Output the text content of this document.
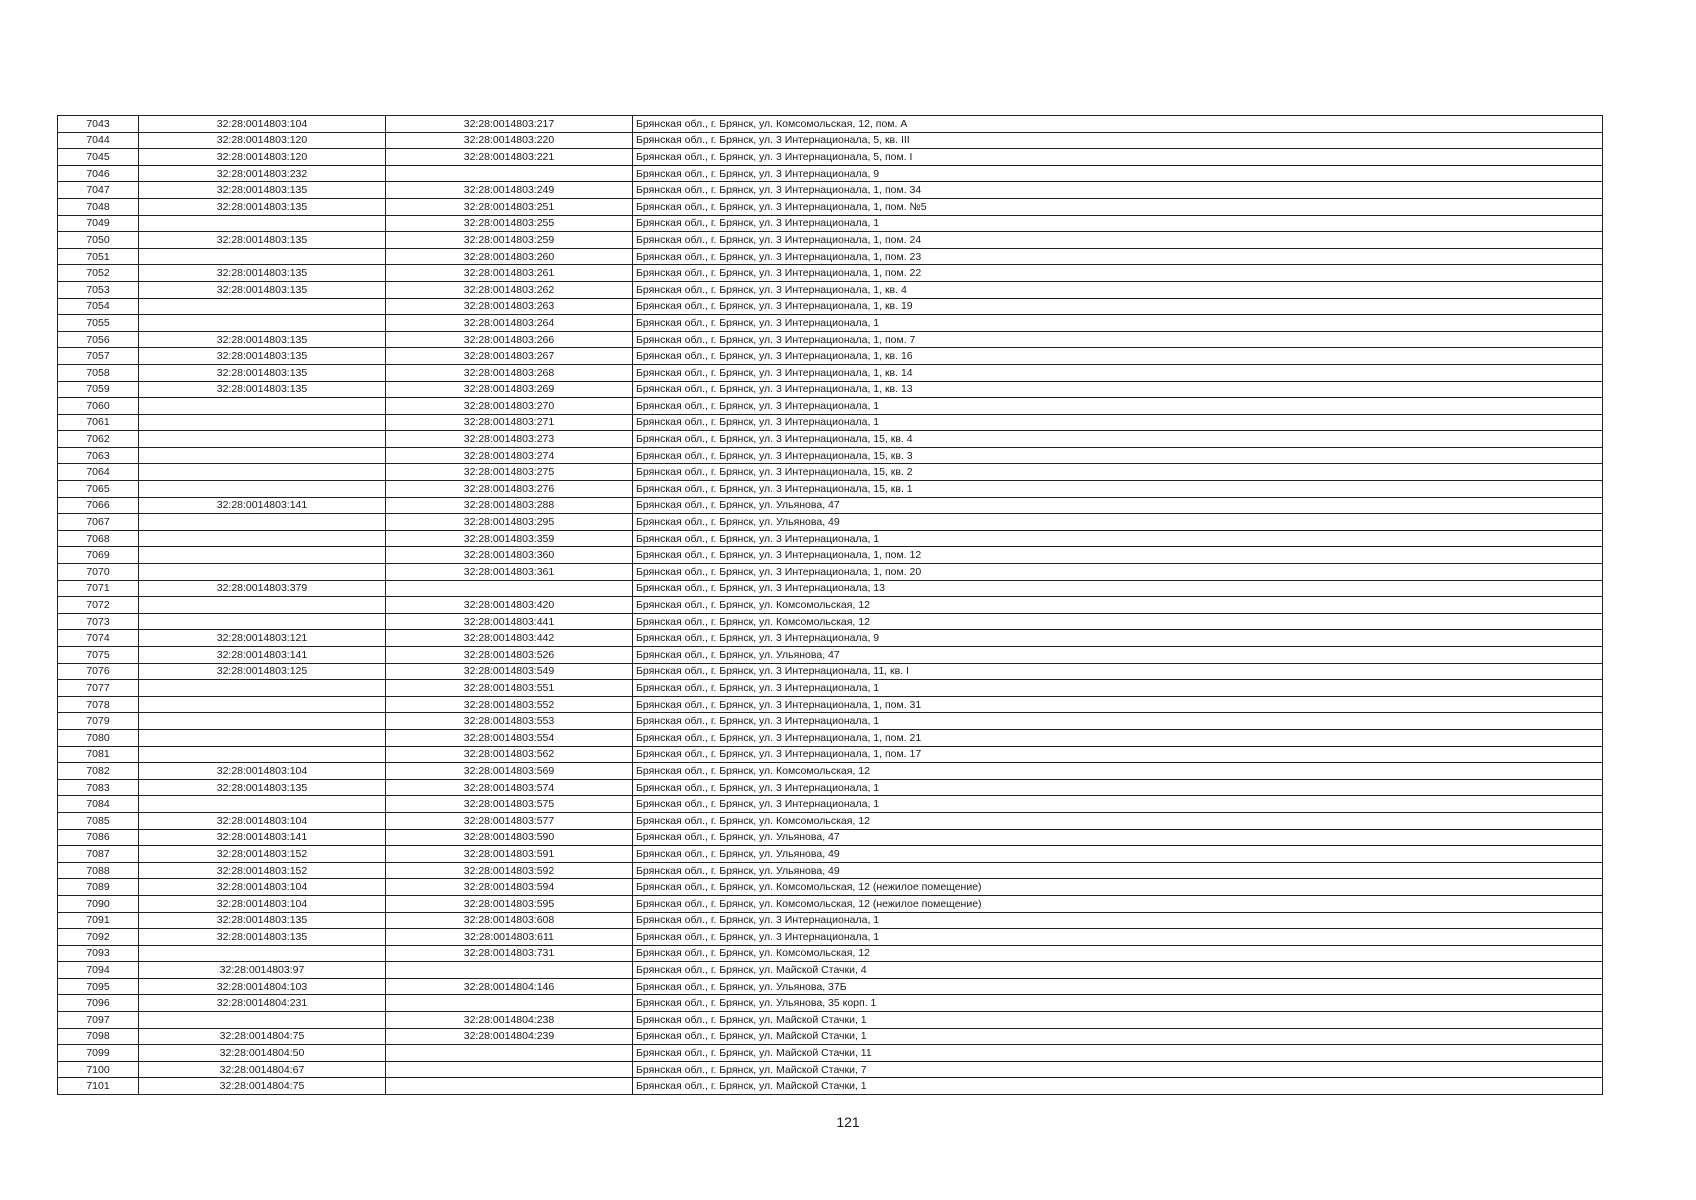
7043	32:28:0014803:104	32:28:0014803:217	Брянская обл., г. Брянск, ул. Комсомольская, 12, пом. А
7044	32:28:0014803:120	32:28:0014803:220	Брянская обл., г. Брянск, ул. 3 Интернационала, 5, кв. III
7045	32:28:0014803:120	32:28:0014803:221	Брянская обл., г. Брянск, ул. 3 Интернационала, 5, пом. I
7046	32:28:0014803:232		Брянская обл., г. Брянск, ул. 3 Интернационала, 9
7047	32:28:0014803:135	32:28:0014803:249	Брянская обл., г. Брянск, ул. 3 Интернационала, 1, пом. 34
7048	32:28:0014803:135	32:28:0014803:251	Брянская обл., г. Брянск, ул. 3 Интернационала, 1, пом. №5
7049		32:28:0014803:255	Брянская обл., г. Брянск, ул. 3 Интернационала, 1
7050	32:28:0014803:135	32:28:0014803:259	Брянская обл., г. Брянск, ул. 3 Интернационала, 1, пом. 24
7051		32:28:0014803:260	Брянская обл., г. Брянск, ул. 3 Интернационала, 1, пом. 23
7052	32:28:0014803:135	32:28:0014803:261	Брянская обл., г. Брянск, ул. 3 Интернационала, 1, пом. 22
7053	32:28:0014803:135	32:28:0014803:262	Брянская обл., г. Брянск, ул. 3 Интернационала, 1, кв. 4
7054		32:28:0014803:263	Брянская обл., г. Брянск, ул. 3 Интернационала, 1, кв. 19
7055		32:28:0014803:264	Брянская обл., г. Брянск, ул. 3 Интернационала, 1
7056	32:28:0014803:135	32:28:0014803:266	Брянская обл., г. Брянск, ул. 3 Интернационала, 1, пом. 7
7057	32:28:0014803:135	32:28:0014803:267	Брянская обл., г. Брянск, ул. 3 Интернационала, 1, кв. 16
7058	32:28:0014803:135	32:28:0014803:268	Брянская обл., г. Брянск, ул. 3 Интернационала, 1, кв. 14
7059	32:28:0014803:135	32:28:0014803:269	Брянская обл., г. Брянск, ул. 3 Интернационала, 1, кв. 13
7060		32:28:0014803:270	Брянская обл., г. Брянск, ул. 3 Интернационала, 1
7061		32:28:0014803:271	Брянская обл., г. Брянск, ул. 3 Интернационала, 1
7062		32:28:0014803:273	Брянская обл., г. Брянск, ул. 3 Интернационала, 15, кв. 4
7063		32:28:0014803:274	Брянская обл., г. Брянск, ул. 3 Интернационала, 15, кв. 3
7064		32:28:0014803:275	Брянская обл., г. Брянск, ул. 3 Интернационала, 15, кв. 2
7065		32:28:0014803:276	Брянская обл., г. Брянск, ул. 3 Интернационала, 15, кв. 1
7066	32:28:0014803:141	32:28:0014803:288	Брянская обл., г. Брянск, ул. Ульянова, 47
7067		32:28:0014803:295	Брянская обл., г. Брянск, ул. Ульянова, 49
7068		32:28:0014803:359	Брянская обл., г. Брянск, ул. 3 Интернационала, 1
7069		32:28:0014803:360	Брянская обл., г. Брянск, ул. 3 Интернационала, 1, пом. 12
7070		32:28:0014803:361	Брянская обл., г. Брянск, ул. 3 Интернационала, 1, пом. 20
7071	32:28:0014803:379		Брянская обл., г. Брянск, ул. 3 Интернационала, 13
7072		32:28:0014803:420	Брянская обл., г. Брянск, ул. Комсомольская, 12
7073		32:28:0014803:441	Брянская обл., г. Брянск, ул. Комсомольская, 12
7074	32:28:0014803:121	32:28:0014803:442	Брянская обл., г. Брянск, ул. 3 Интернационала, 9
7075	32:28:0014803:141	32:28:0014803:526	Брянская обл., г. Брянск, ул. Ульянова, 47
7076	32:28:0014803:125	32:28:0014803:549	Брянская обл., г. Брянск, ул. 3 Интернационала, 11, кв. I
7077		32:28:0014803:551	Брянская обл., г. Брянск, ул. 3 Интернационала, 1
7078		32:28:0014803:552	Брянская обл., г. Брянск, ул. 3 Интернационала, 1, пом. 31
7079		32:28:0014803:553	Брянская обл., г. Брянск, ул. 3 Интернационала, 1
7080		32:28:0014803:554	Брянская обл., г. Брянск, ул. 3 Интернационала, 1, пом. 21
7081		32:28:0014803:562	Брянская обл., г. Брянск, ул. 3 Интернационала, 1, пом. 17
7082	32:28:0014803:104	32:28:0014803:569	Брянская обл., г. Брянск, ул. Комсомольская, 12
7083	32:28:0014803:135	32:28:0014803:574	Брянская обл., г. Брянск, ул. 3 Интернационала, 1
7084		32:28:0014803:575	Брянская обл., г. Брянск, ул. 3 Интернационала, 1
7085	32:28:0014803:104	32:28:0014803:577	Брянская обл., г. Брянск, ул. Комсомольская, 12
7086	32:28:0014803:141	32:28:0014803:590	Брянская обл., г. Брянск, ул. Ульянова, 47
7087	32:28:0014803:152	32:28:0014803:591	Брянская обл., г. Брянск, ул. Ульянова, 49
7088	32:28:0014803:152	32:28:0014803:592	Брянская обл., г. Брянск, ул. Ульянова, 49
7089	32:28:0014803:104	32:28:0014803:594	Брянская обл., г. Брянск, ул. Комсомольская, 12 (нежилое помещение)
7090	32:28:0014803:104	32:28:0014803:595	Брянская обл., г. Брянск, ул. Комсомольская, 12 (нежилое помещение)
7091	32:28:0014803:135	32:28:0014803:608	Брянская обл., г. Брянск, ул. 3 Интернационала, 1
7092	32:28:0014803:135	32:28:0014803:611	Брянская обл., г. Брянск, ул. 3 Интернационала, 1
7093		32:28:0014803:731	Брянская обл., г. Брянск, ул. Комсомольская, 12
7094	32:28:0014803:97		Брянская обл., г. Брянск, ул. Майской Стачки, 4
7095	32:28:0014804:103	32:28:0014804:146	Брянская обл., г. Брянск, ул. Ульянова, 37Б
7096	32:28:0014804:231		Брянская обл., г. Брянск, ул. Ульянова, 35 корп. 1
7097		32:28:0014804:238	Брянская обл., г. Брянск, ул. Майской Стачки, 1
7098	32:28:0014804:75	32:28:0014804:239	Брянская обл., г. Брянск, ул. Майской Стачки, 1
7099	32:28:0014804:50		Брянская обл., г. Брянск, ул. Майской Стачки, 11
7100	32:28:0014804:67		Брянская обл., г. Брянск, ул. Майской Стачки, 7
7101	32:28:0014804:75		Брянская обл., г. Брянск, ул. Майской Стачки, 1
121
